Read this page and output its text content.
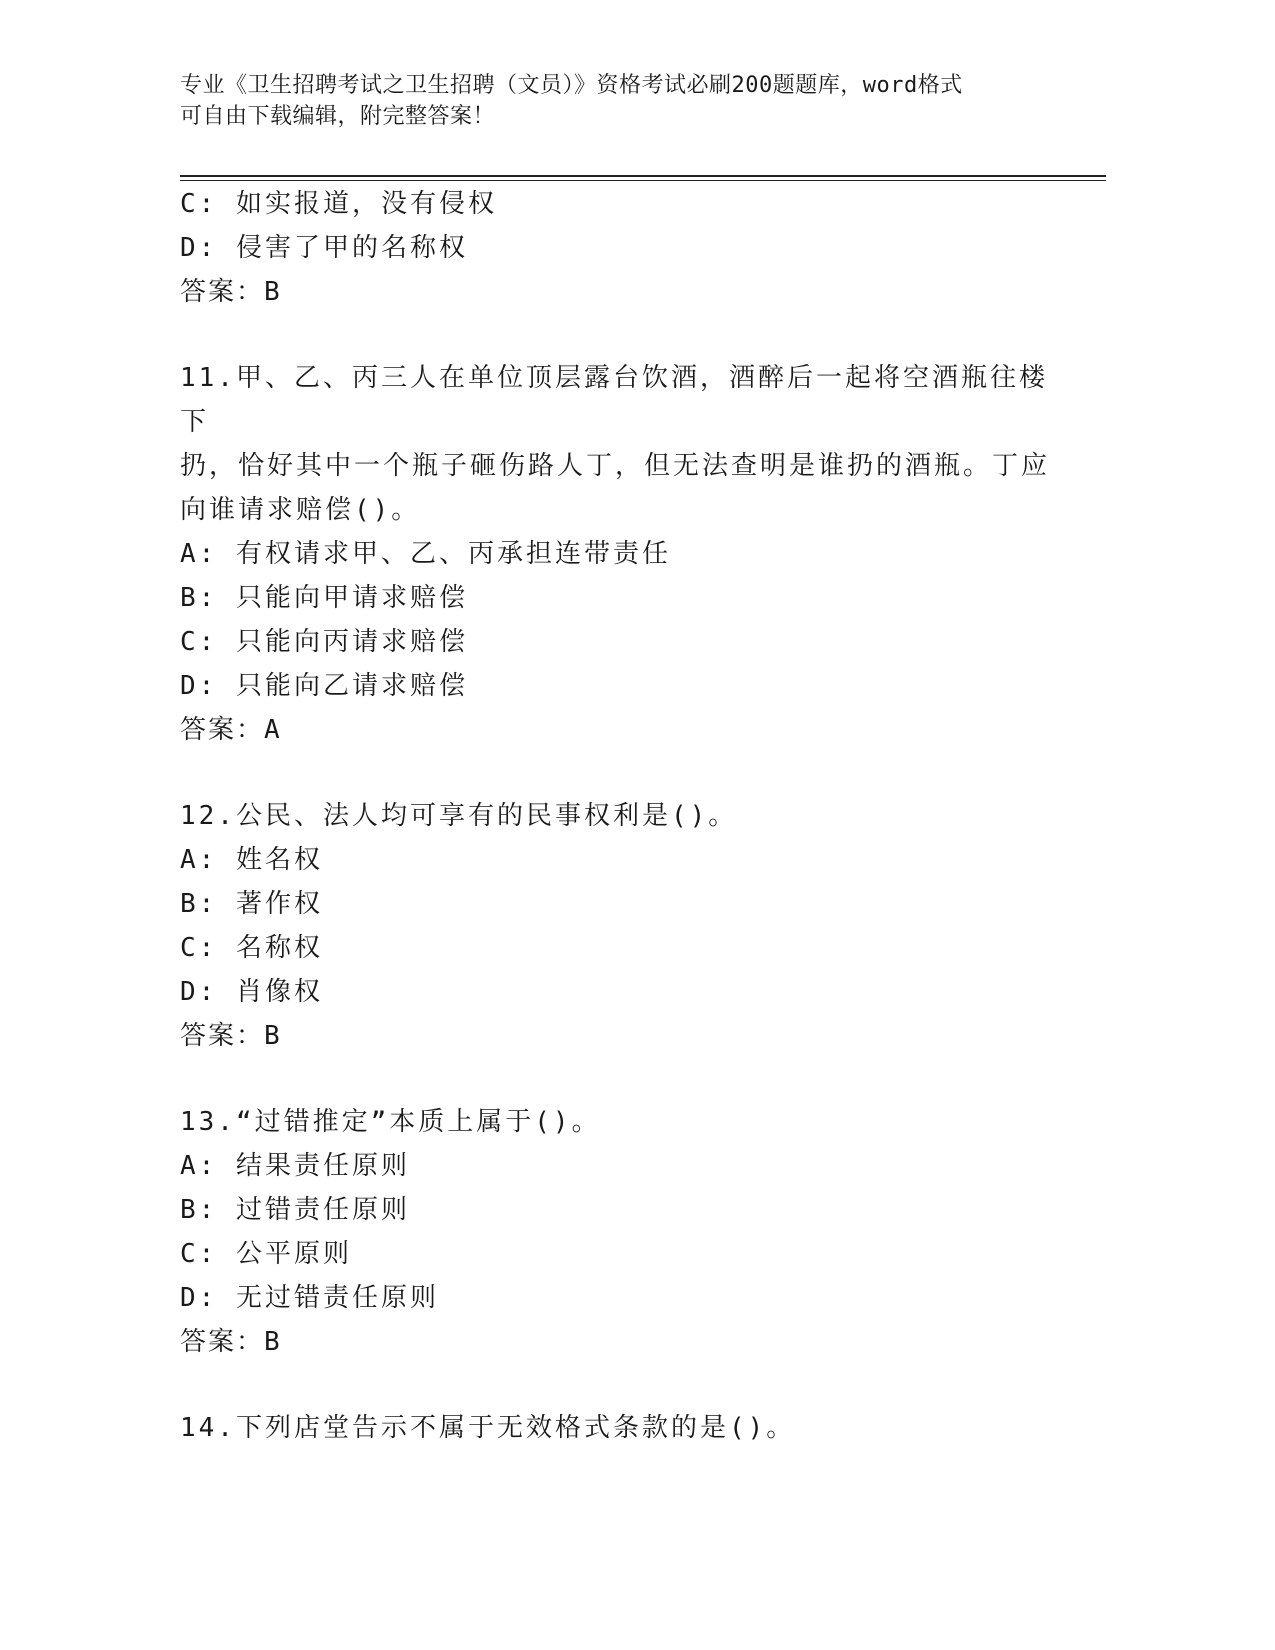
专业《卫生招聘考试之卫生招聘（文员）》资格考试必刷200题题库，word格式
可自由下载编辑，附完整答案！
C: 如实报道，没有侵权
D: 侵害了甲的名称权
答案：B
11.甲、乙、丙三人在单位顶层露台饮酒，酒醉后一起将空酒瓶往楼下
扔，恰好其中一个瓶子砸伤路人丁，但无法查明是谁扔的酒瓶。丁应
向谁请求赔偿()。
A: 有权请求甲、乙、丙承担连带责任
B: 只能向甲请求赔偿
C: 只能向丙请求赔偿
D: 只能向乙请求赔偿
答案：A
12.公民、法人均可享有的民事权利是()。
A: 姓名权
B: 著作权
C: 名称权
D: 肖像权
答案：B
13.“过错推定”本质上属于()。
A: 结果责任原则
B: 过错责任原则
C: 公平原则
D: 无过错责任原则
答案：B
14.下列店堂告示不属于无效格式条款的是()。
